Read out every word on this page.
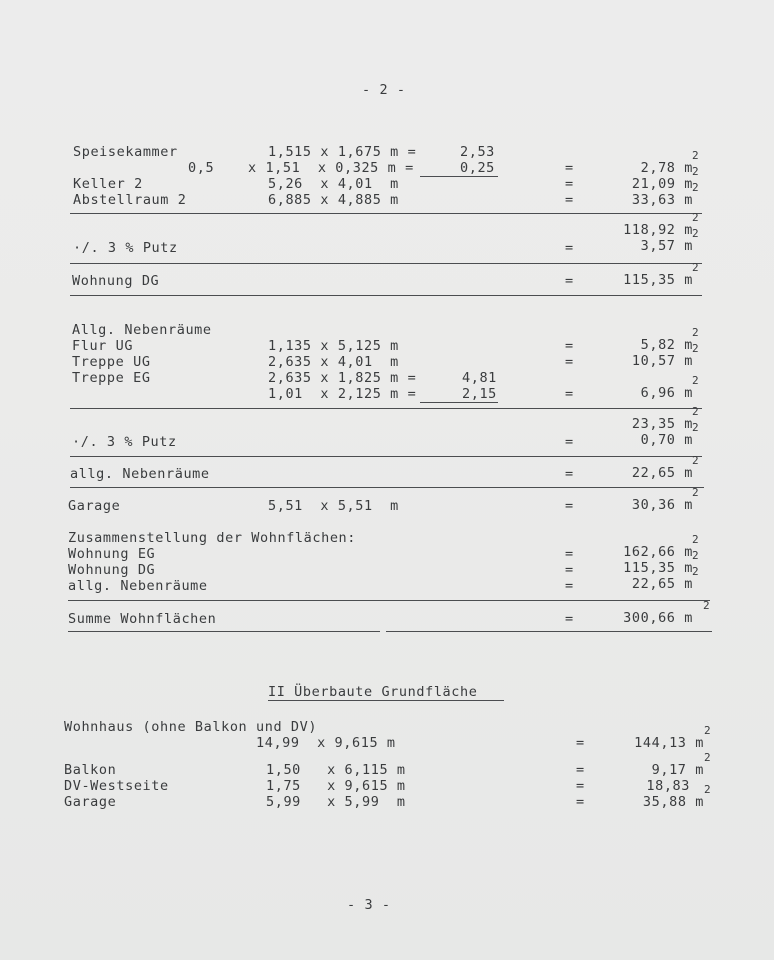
- 2 -
- 3 -
Speisekammer	1,515 x 1,675 m =	2,53
0,5	x 1,51  x 0,325 m =	0,25	=	2,78 m
2
Keller 2	5,26  x 4,01  m	=	21,09 m
2
Abstellraum 2	6,885 x 4,885 m	=	33,63 m
2
118,92 m
2
·/. 3 % Putz	=	3,57 m
2
Wohnung DG	=	115,35 m
2
Allg. Nebenräume
Flur UG	1,135 x 5,125 m	=	5,82 m
2
Treppe UG	2,635 x 4,01  m	=	10,57 m
2
Treppe EG	2,635 x 1,825 m =	4,81
1,01  x 2,125 m =	2,15	=	6,96 m
2
23,35 m
2
·/. 3 % Putz	=	0,70 m
2
allg. Nebenräume	=	22,65 m
2
Garage	5,51  x 5,51  m	=	30,36 m
2
Zusammenstellung der Wohnflächen:
Wohnung EG	=	162,66 m
2
Wohnung DG	=	115,35 m
2
allg. Nebenräume	=	22,65 m
2
Summe Wohnflächen	=	300,66 m
2
II Überbaute Grundfläche
Wohnhaus (ohne Balkon und DV)
14,99  x 9,615 m	=	144,13 m
2
Balkon	1,50   x 6,115 m	=	9,17 m
2
DV-Westseite	1,75   x 9,615 m	=	18,83
Garage	5,99   x 5,99  m	=	35,88 m
2
